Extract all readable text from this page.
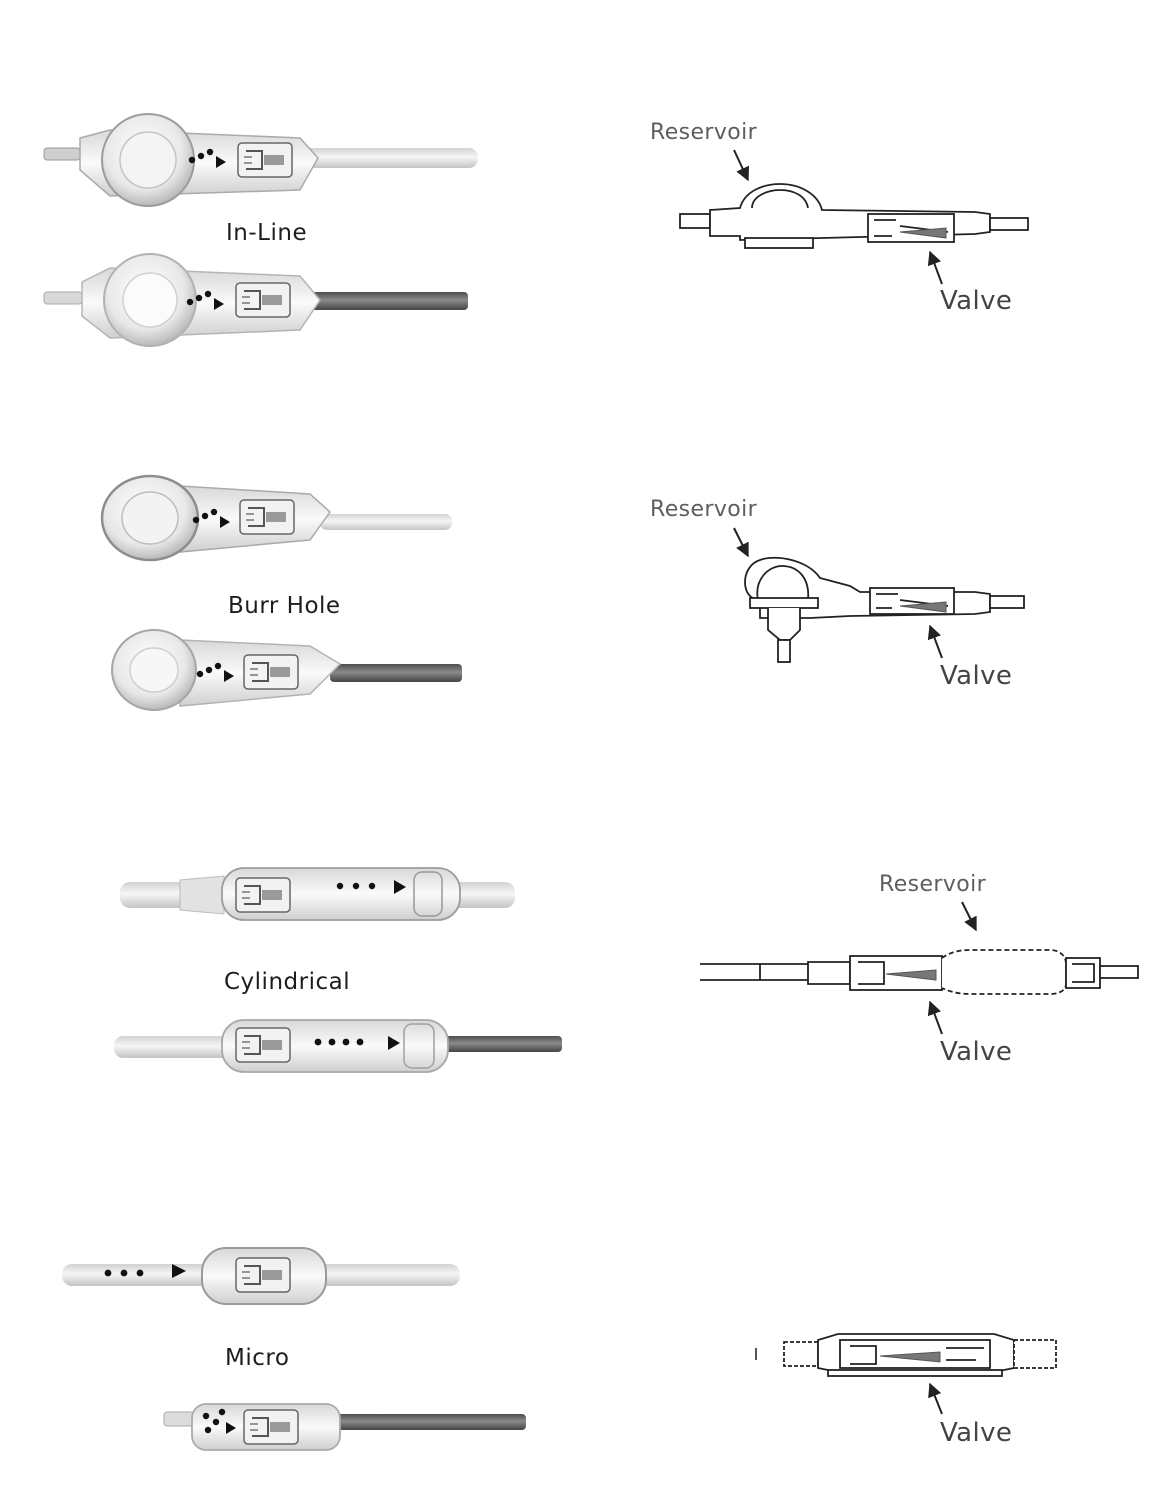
In-Line
Burr Hole
Cylindrical
Micro
Reservoir
Reservoir
Reservoir
Valve
Valve
Valve
Valve
